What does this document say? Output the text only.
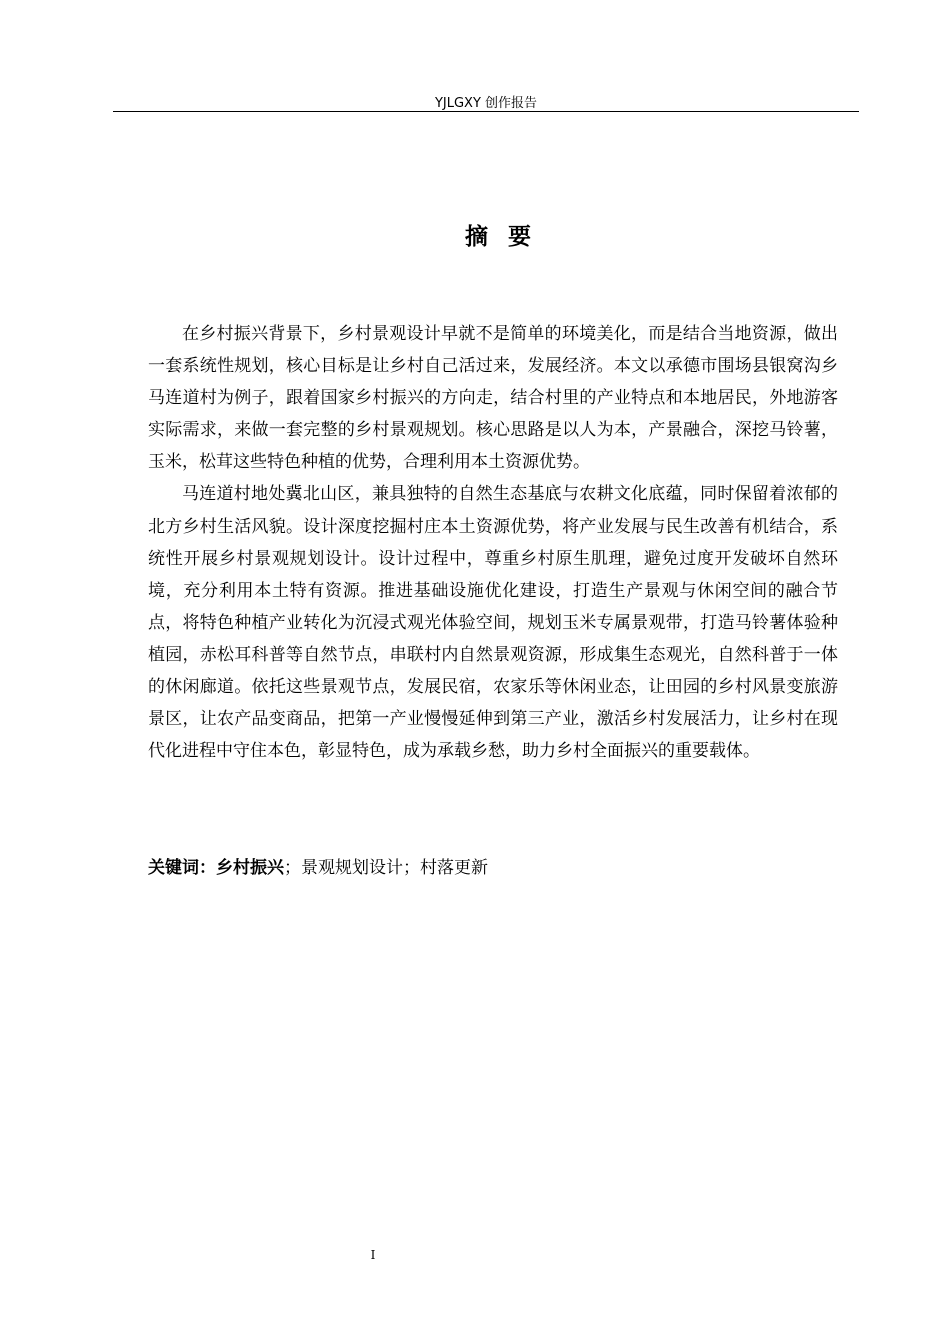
YJLGXY 创作报告
摘要

在乡村振兴背景下，乡村景观设计早就不是简单的环境美化，而是结合当地资源，做出一套系统性规划，核心目标是让乡村自己活过来，发展经济。本文以承德市围场县银窝沟乡马连道村为例子，跟着国家乡村振兴的方向走，结合村里的产业特点和本地居民，外地游客实际需求，来做一套完整的乡村景观规划。核心思路是以人为本，产景融合，深挖马铃薯，玉米，松茸这些特色种植的优势，合理利用本土资源优势。

马连道村地处冀北山区，兼具独特的自然生态基底与农耕文化底蕴，同时保留着浓郁的北方乡村生活风貌。设计深度挖掘村庄本土资源优势，将产业发展与民生改善有机结合，系统性开展乡村景观规划设计。设计过程中，尊重乡村原生肌理，避免过度开发破坏自然环境，充分利用本土特有资源。推进基础设施优化建设，打造生产景观与休闲空间的融合节点，将特色种植产业转化为沉浸式观光体验空间，规划玉米专属景观带，打造马铃薯体验种植园，赤松耳科普等自然节点，串联村内自然景观资源，形成集生态观光，自然科普于一体的休闲廊道。依托这些景观节点，发展民宿，农家乐等休闲业态，让田园的乡村风景变旅游景区，让农产品变商品，把第一产业慢慢延伸到第三产业，激活乡村发展活力，让乡村在现代化进程中守住本色，彰显特色，成为承载乡愁，助力乡村全面振兴的重要载体。

关键词：乡村振兴；景观规划设计；村落更新
I
